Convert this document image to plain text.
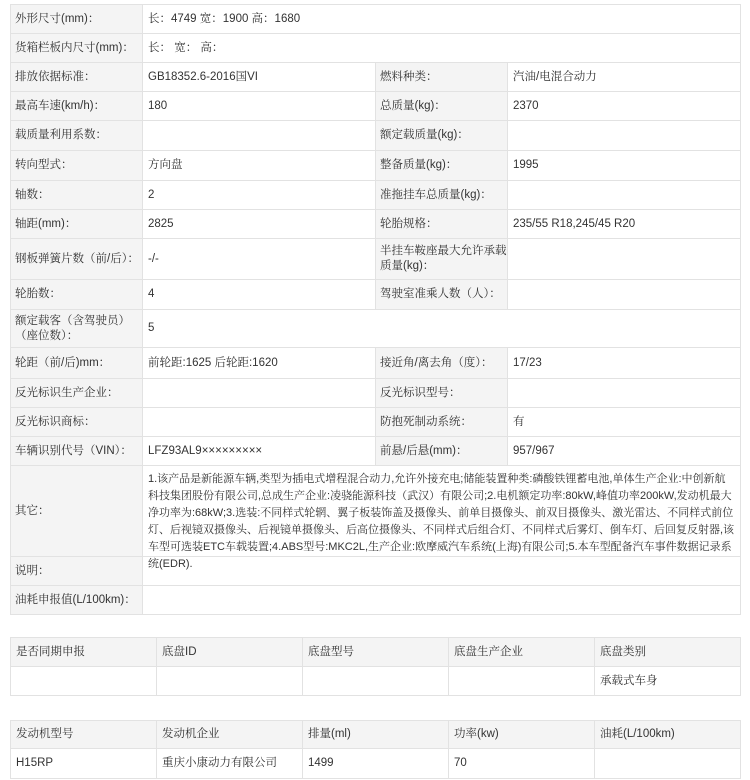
外形尺寸(mm)：	长：4749 宽：1900 高：1680		
货箱栏板内尺寸(mm)：	长： 宽： 高：		
排放依据标准：	GB18352.6-2016国VI	燃料种类：	汽油/电混合动力
最高车速(km/h)：	180	总质量(kg)：	2370
载质量利用系数：		额定载质量(kg)：	
转向型式：	方向盘	整备质量(kg)：	1995
轴数：	2	准拖挂车总质量(kg)：	
轴距(mm)：	2825	轮胎规格：	235/55 R18,245/45 R20
钢板弹簧片数（前/后）：	-/-	半挂车鞍座最大允许承载质量(kg)：	
轮胎数：	4	驾驶室准乘人数（人）：	
额定载客（含驾驶员）（座位数）：	5		
轮距（前/后)mm：	前轮距:1625 后轮距:1620	接近角/离去角（度）：	17/23
反光标识生产企业：		反光标识型号：	
反光标识商标：		防抱死制动系统：	有
车辆识别代号（VIN）：	LFZ93AL9×××××××××	前悬/后悬(mm)：	957/967
其它：	1.该产品是新能源车辆,类型为插电式增程混合动力,允许外接充电;储能装置种类:磷酸铁锂蓄电池,单体生产企业:中创新航科技集团股份有限公司,总成生产企业:凌骁能源科技（武汉）有限公司;2.电机额定功率:80kW,峰值功率200kW,发动机最大净功率为:68kW;3.选装:不同样式轮辋、翼子板装饰盖及摄像头、前单目摄像头、前双目摄像头、激光雷达、不同样式前位灯、后视镜双摄像头、后视镜单摄像头、后高位摄像头、不同样式后组合灯、不同样式后雾灯、倒车灯、后回复反射器,该车型可选装ETC车载装置;4.ABS型号:MKC2L,生产企业:欧摩威汽车系统(上海)有限公司;5.本车型配备汽车事件数据记录系统(EDR).		

说明：			
油耗申报值(L/100km)：			
是否同期申报	底盘ID	底盘型号	底盘生产企业	底盘类别
				承载式车身
发动机型号	发动机企业	排量(ml)	功率(kw)	油耗(L/100km)
H15RP	重庆小康动力有限公司	1499	70	
